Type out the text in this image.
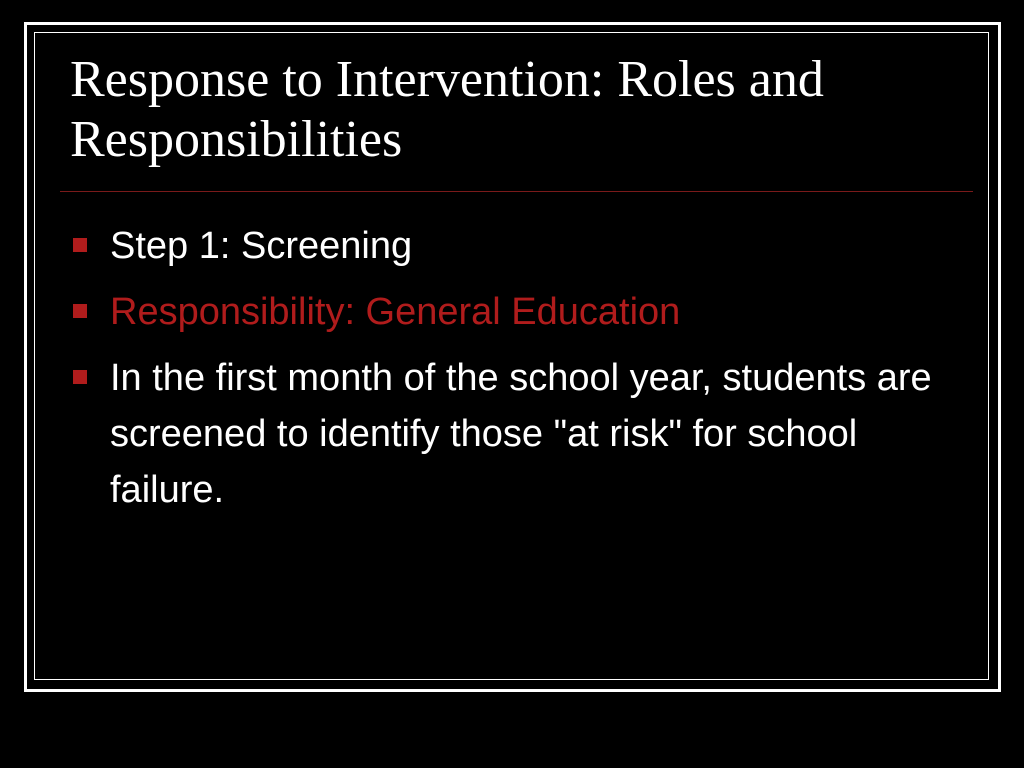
Response to Intervention: Roles and Responsibilities
Step 1: Screening
Responsibility: General Education
In the first month of the school year, students are screened to identify those "at risk" for school failure.
